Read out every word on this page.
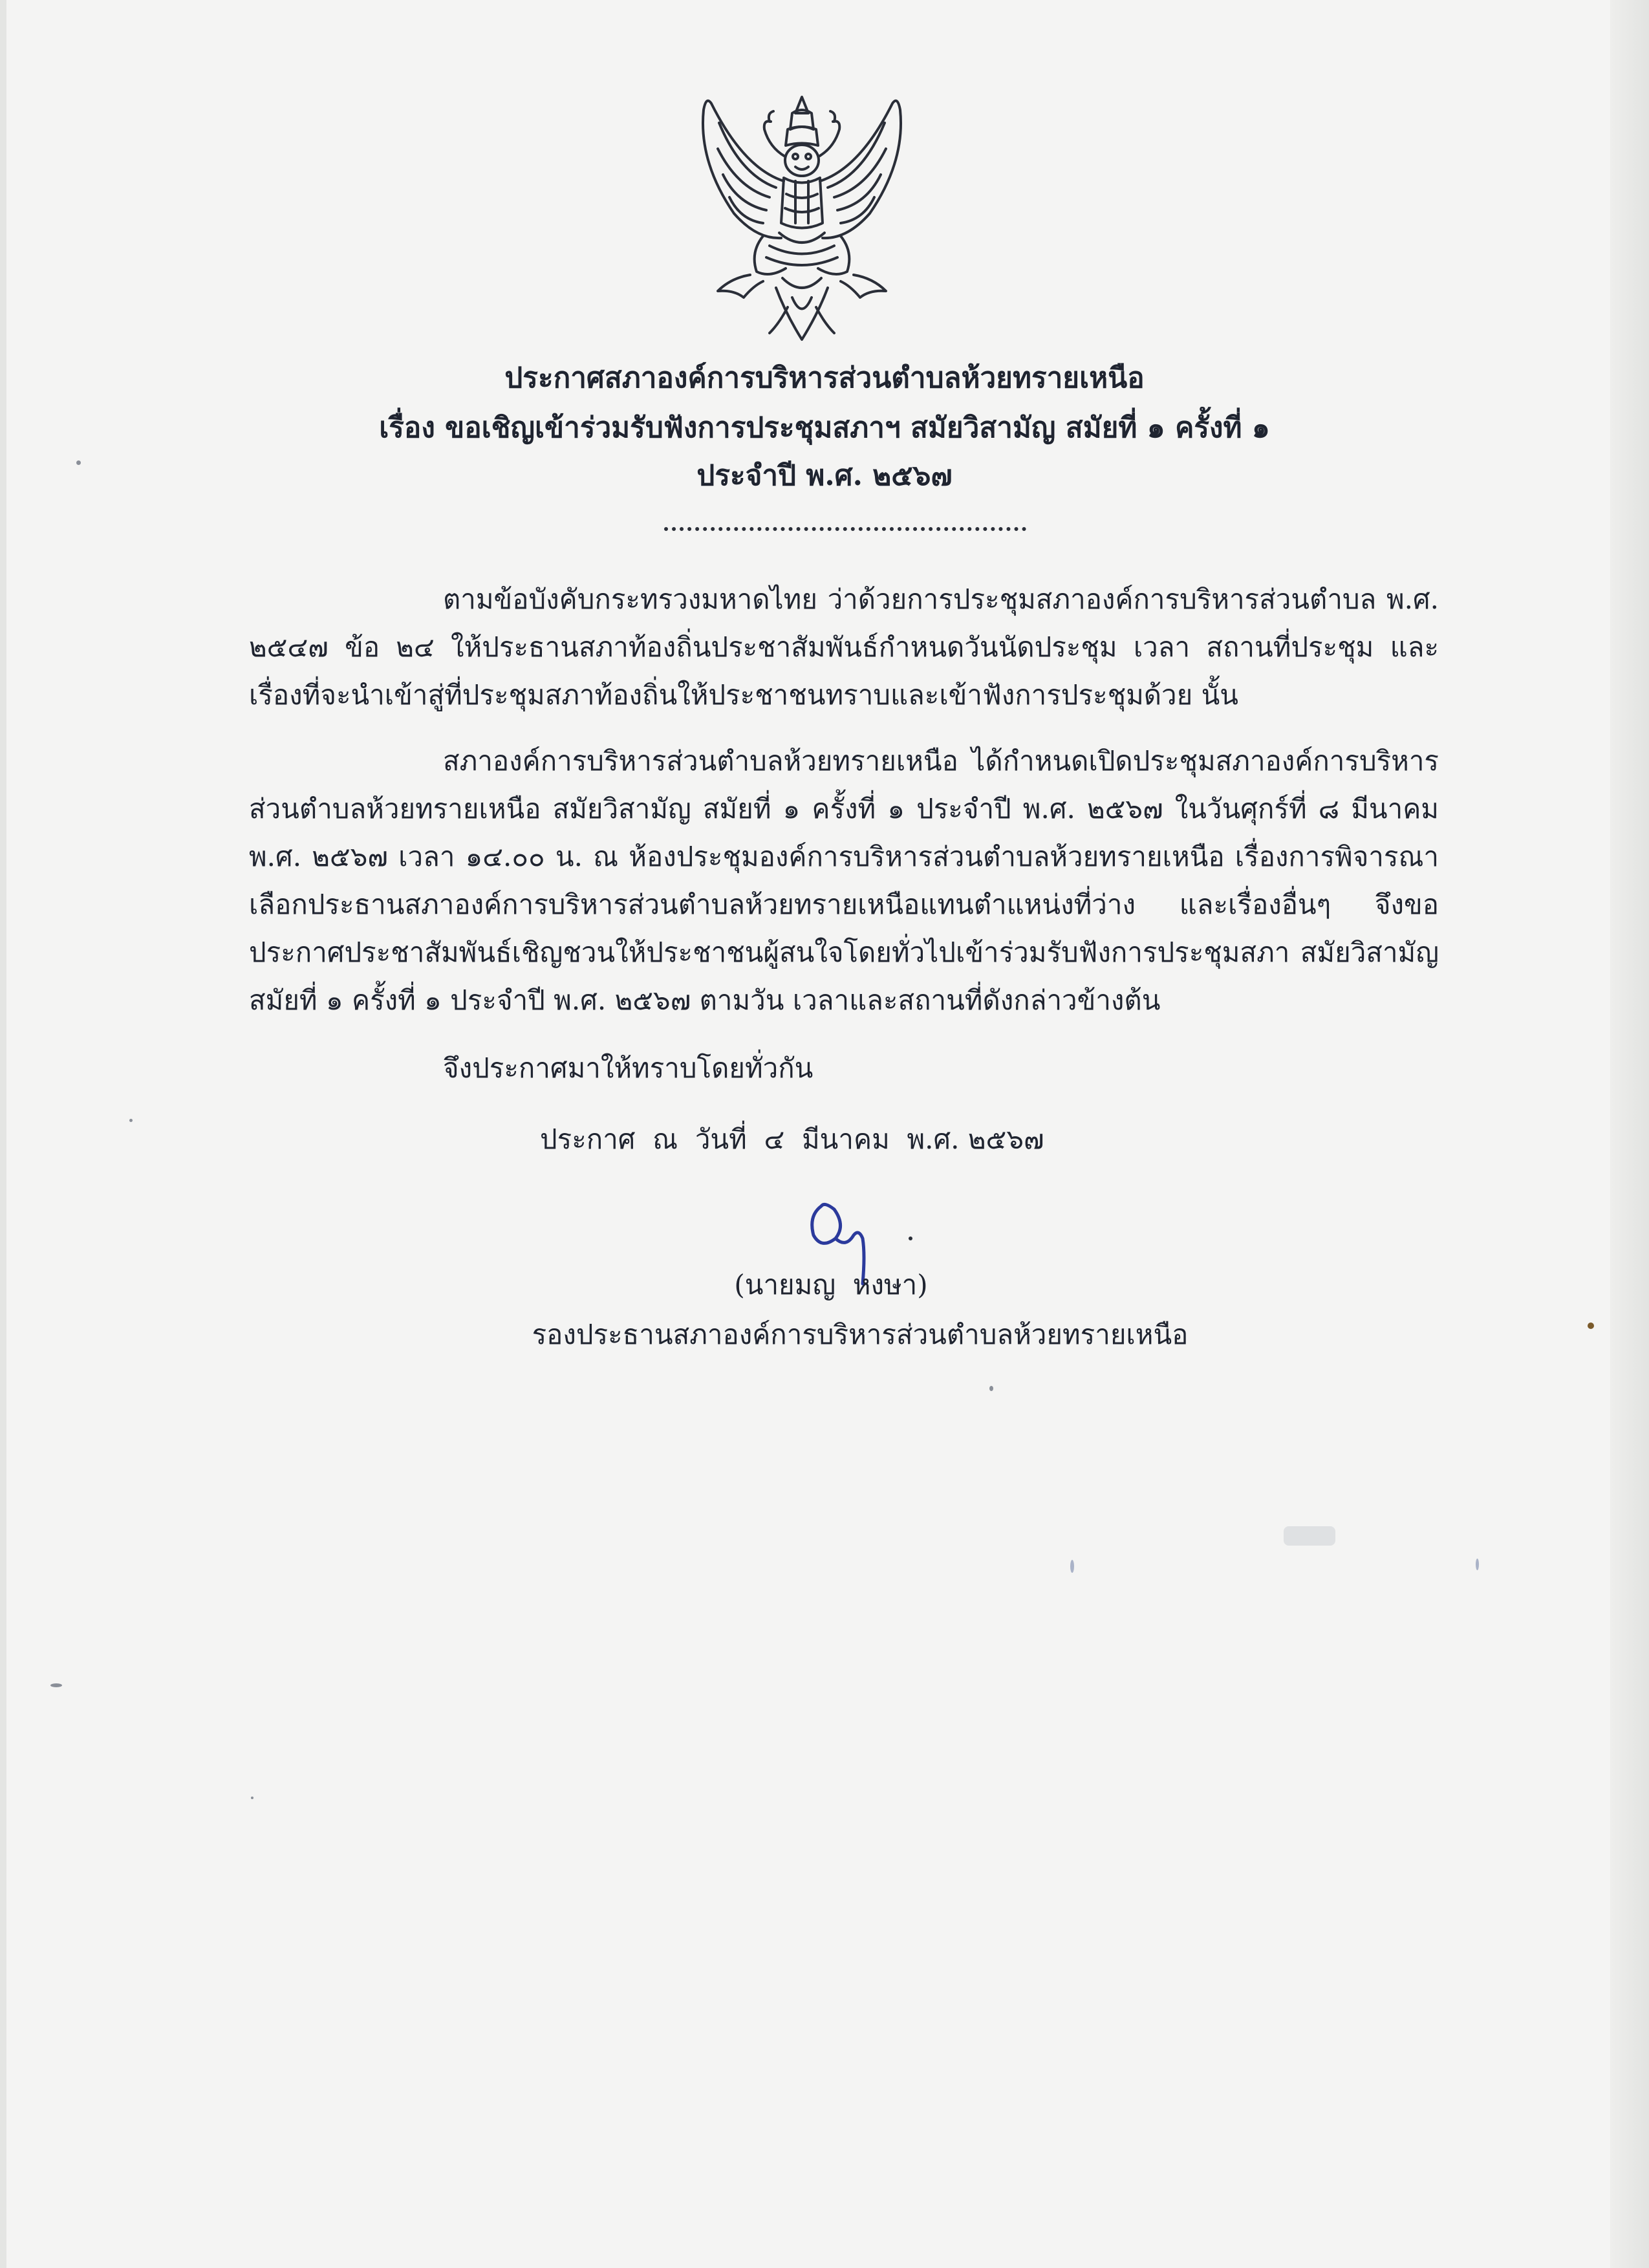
ประกาศสภาองค์การบริหารส่วนตำบลห้วยทรายเหนือ
เรื่อง ขอเชิญเข้าร่วมรับฟังการประชุมสภาฯ สมัยวิสามัญ สมัยที่ ๑ ครั้งที่ ๑
ประจำปี พ.ศ. ๒๕๖๗
ตามข้อบังคับกระทรวงมหาดไทย ว่าด้วยการประชุมสภาองค์การบริหารส่วนตำบล พ.ศ. ๒๕๔๗ ข้อ ๒๔ ให้ประธานสภาท้องถิ่นประชาสัมพันธ์กำหนดวันนัดประชุม เวลา สถานที่ประชุม และเรื่องที่จะนำเข้าสู่ที่ประชุมสภาท้องถิ่นให้ประชาชนทราบและเข้าฟังการประชุมด้วย นั้น
สภาองค์การบริหารส่วนตำบลห้วยทรายเหนือ ได้กำหนดเปิดประชุมสภาองค์การบริหารส่วนตำบลห้วยทรายเหนือ สมัยวิสามัญ สมัยที่ ๑ ครั้งที่ ๑ ประจำปี พ.ศ. ๒๕๖๗ ในวันศุกร์ที่ ๘ มีนาคม พ.ศ. ๒๕๖๗ เวลา ๑๔.๐๐ น. ณ ห้องประชุมองค์การบริหารส่วนตำบลห้วยทรายเหนือ เรื่องการพิจารณาเลือกประธานสภาองค์การบริหารส่วนตำบลห้วยทรายเหนือแทนตำแหน่งที่ว่าง และเรื่องอื่นๆ จึงขอประกาศประชาสัมพันธ์เชิญชวนให้ประชาชนผู้สนใจโดยทั่วไปเข้าร่วมรับฟังการประชุมสภา สมัยวิสามัญ สมัยที่ ๑ ครั้งที่ ๑ ประจำปี พ.ศ. ๒๕๖๗ ตามวัน เวลาและสถานที่ดังกล่าวข้างต้น
จึงประกาศมาให้ทราบโดยทั่วกัน
ประกาศ  ณ  วันที่  ๔  มีนาคม  พ.ศ. ๒๕๖๗
(นายมญ  หงษา)
รองประธานสภาองค์การบริหารส่วนตำบลห้วยทรายเหนือ
